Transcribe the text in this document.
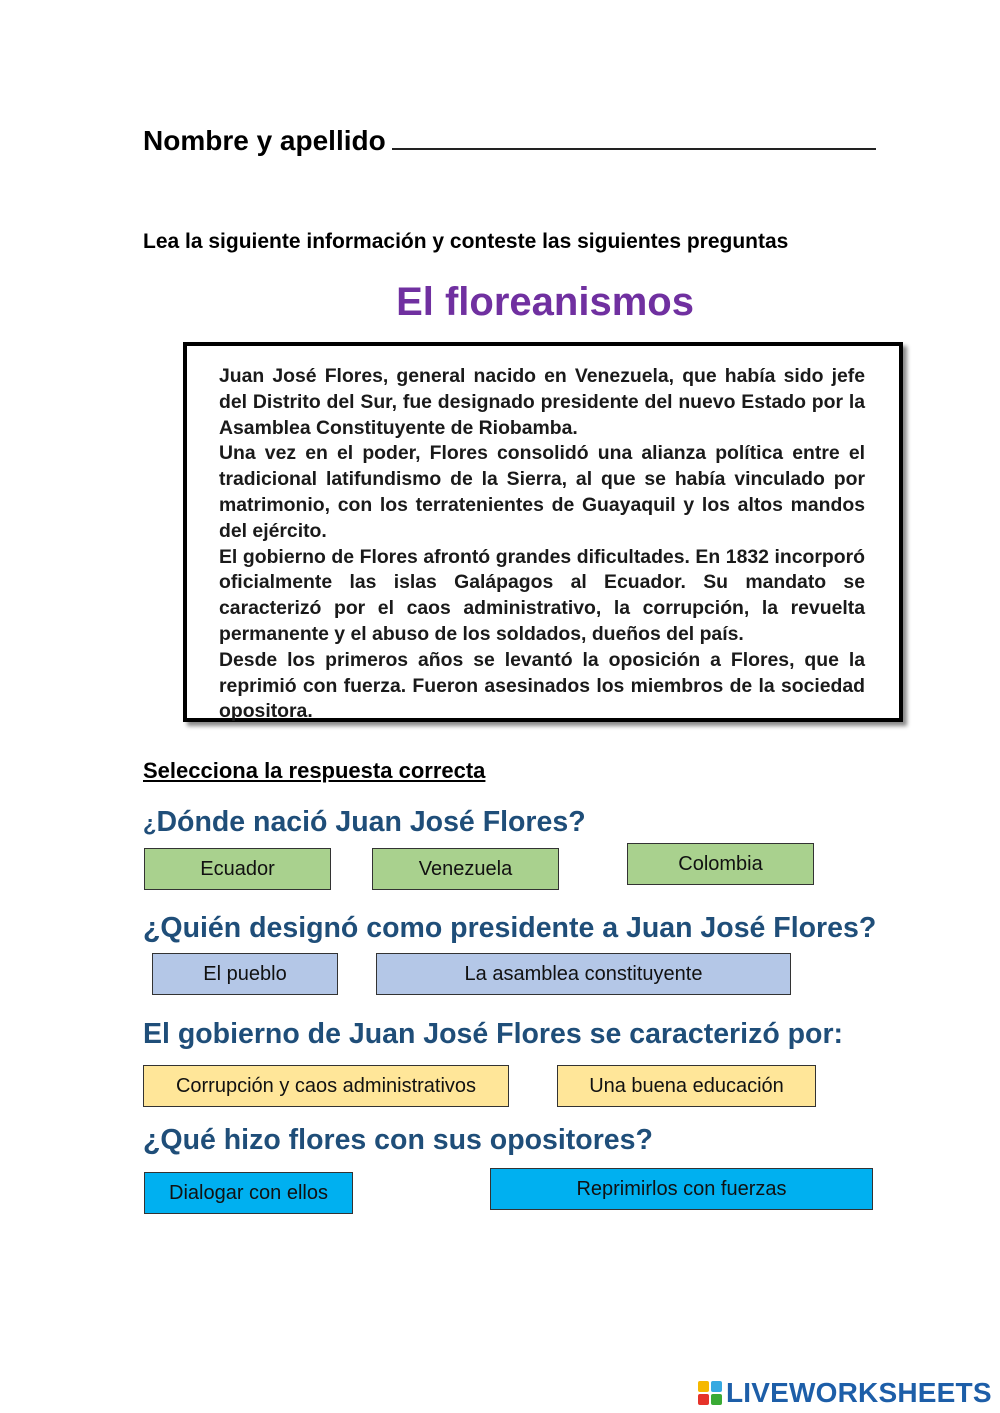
Nombre y apellido
Lea la siguiente información y conteste las siguientes preguntas
El floreanismos

Juan José Flores, general nacido en Venezuela, que había sido jefe del Distrito del Sur, fue designado presidente del nuevo Estado por la Asamblea Constituyente de Riobamba.

Una vez en el poder, Flores consolidó una alianza política entre el tradicional latifundismo de la Sierra, al que se había vinculado por matrimonio, con los terratenientes de Guayaquil y los altos mandos del ejército.

El gobierno de Flores afrontó grandes dificultades. En 1832 incorporó oficialmente las islas Galápagos al Ecuador. Su mandato se caracterizó por el caos administrativo, la corrupción, la revuelta permanente y el abuso de los soldados, dueños del país.

Desde los primeros años se levantó la oposición a Flores, que la reprimió con fuerza. Fueron asesinados los miembros de la sociedad opositora.

Selecciona la respuesta correcta
¿Dónde nació Juan José Flores?
Ecuador	Venezuela	Colombia
¿Quién designó como presidente a Juan José Flores?
El pueblo	La asamblea constituyente
El gobierno de Juan José Flores se caracterizó por:
Corrupción y caos administrativos	Una buena educación
¿Qué hizo flores con sus opositores?
Dialogar con ellos	Reprimirlos con fuerzas
LIVEWORKSHEETS
